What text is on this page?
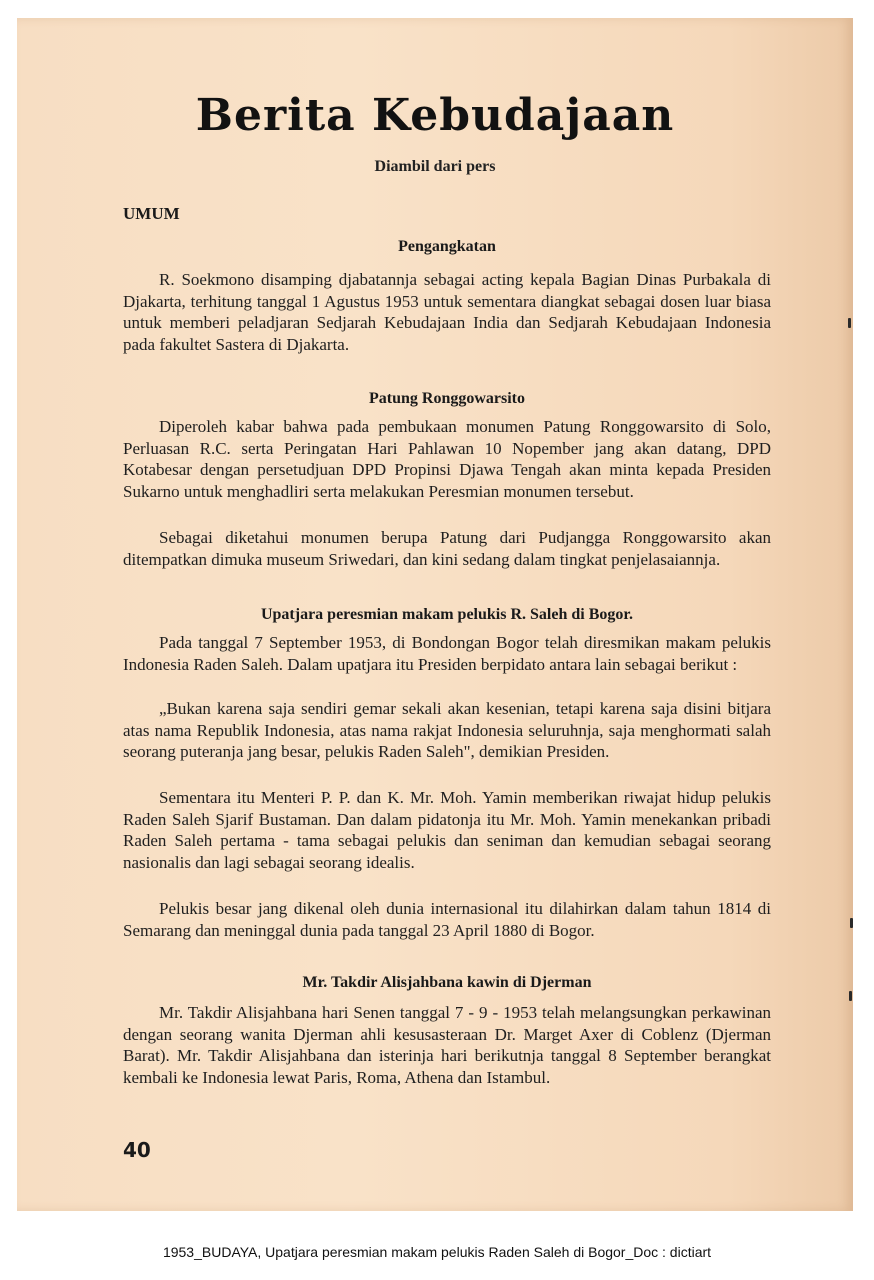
Berita Kebudajaan
Diambil dari pers
UMUM
Pengangkatan

R. Soekmono disamping djabatannja sebagai acting kepala Bagian Dinas Purbakala di Djakarta, terhitung tanggal 1 Agustus 1953 untuk sementara diangkat sebagai dosen luar biasa untuk memberi peladjaran Sedjarah Kebudajaan India dan Sedjarah Kebudajaan Indonesia pada fakultet Sastera di Djakarta.

Patung Ronggowarsito

Diperoleh kabar bahwa pada pembukaan monumen Patung Ronggowarsito di Solo, Perluasan R.C. serta Peringatan Hari Pahlawan 10 Nopember jang akan datang, DPD Kotabesar dengan persetudjuan DPD Propinsi Djawa Tengah akan minta kepada Presiden Sukarno untuk menghadliri serta melakukan Peresmian monumen tersebut.

Sebagai diketahui monumen berupa Patung dari Pudjangga Ronggowarsito akan ditempatkan dimuka museum Sriwedari, dan kini sedang dalam tingkat penjelasaiannja.

Upatjara peresmian makam pelukis R. Saleh di Bogor.

Pada tanggal 7 September 1953, di Bondongan Bogor telah diresmikan makam pelukis Indonesia Raden Saleh. Dalam upatjara itu Presiden berpidato antara lain sebagai berikut :

„Bukan karena saja sendiri gemar sekali akan kesenian, tetapi karena saja disini bitjara atas nama Republik Indonesia, atas nama rakjat Indonesia seluruhnja, saja menghormati salah seorang puteranja jang besar, pelukis Raden Saleh", demikian Presiden.

Sementara itu Menteri P. P. dan K. Mr. Moh. Yamin memberikan riwajat hidup pelukis Raden Saleh Sjarif Bustaman. Dan dalam pidatonja itu Mr. Moh. Yamin menekankan pribadi Raden Saleh pertama - tama sebagai pelukis dan seniman dan kemudian sebagai seorang nasionalis dan lagi sebagai seorang idealis.

Pelukis besar jang dikenal oleh dunia internasional itu dilahirkan dalam tahun 1814 di Semarang dan meninggal dunia pada tanggal 23 April 1880 di Bogor.

Mr. Takdir Alisjahbana kawin di Djerman

Mr. Takdir Alisjahbana hari Senen tanggal 7 - 9 - 1953 telah melangsungkan perkawinan dengan seorang wanita Djerman ahli kesusasteraan Dr. Marget Axer di Coblenz (Djerman Barat). Mr. Takdir Alisjahbana dan isterinja hari berikutnja tanggal 8 September berangkat kembali ke Indonesia lewat Paris, Roma, Athena dan Istambul.

40
1953_BUDAYA, Upatjara peresmian makam pelukis Raden Saleh di Bogor_Doc : dictiart
